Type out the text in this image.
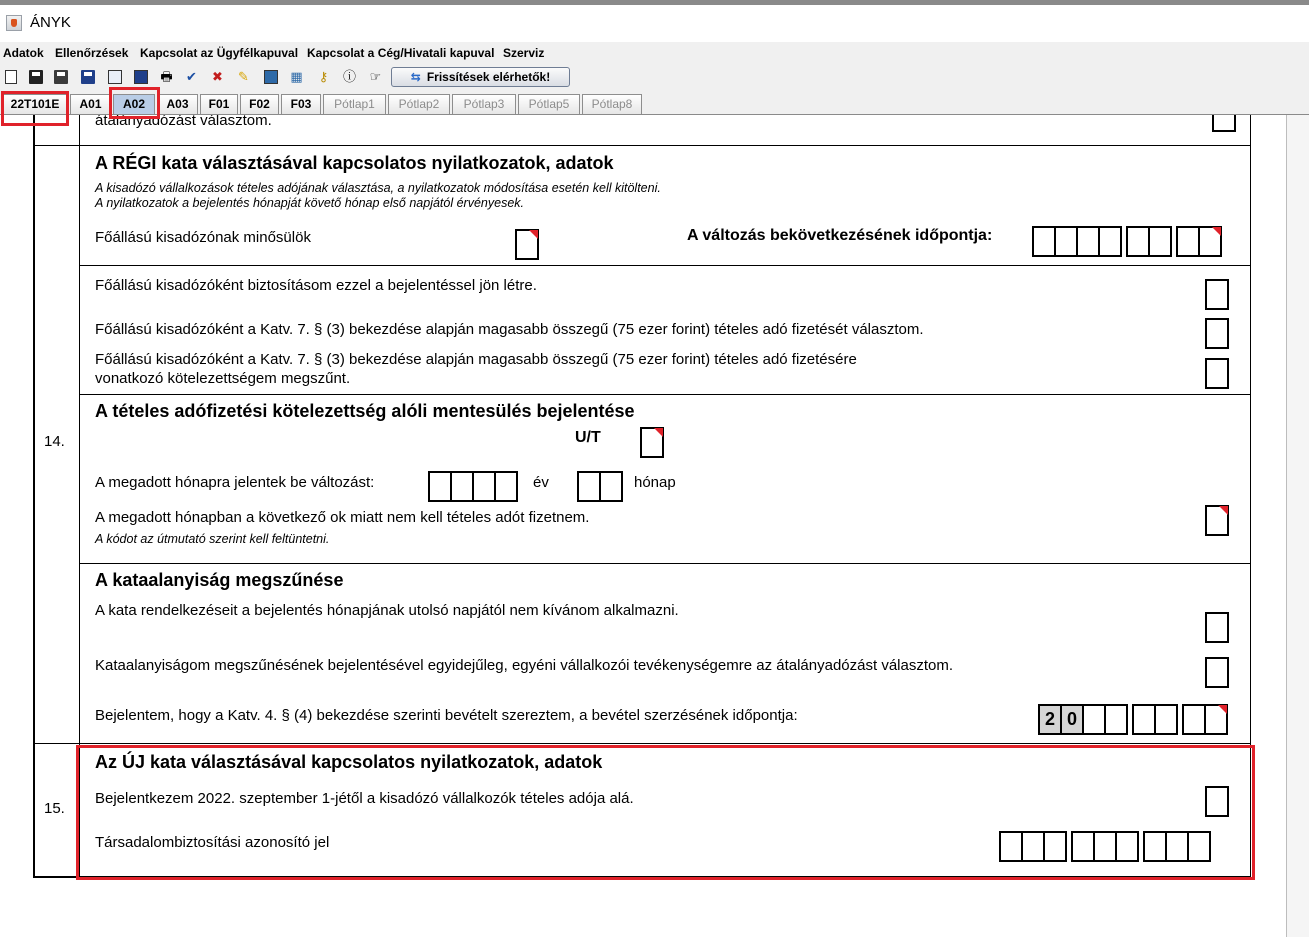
ÁNYK
Adatok Ellenőrzések Kapcsolat az Ügyfélkapuval Kapcsolat a Cég/Hivatali kapuval Szerviz
🖶 ✔ ✖ ✎	▦ ⚷ ⓘ ☞	⇆ Frissítések elérhetők!
22T101E	A01	A02	A03	F01	F02	F03	Pótlap1	Pótlap2	Pótlap3	Pótlap5	Pótlap8
átalányadózást választom.
14.
A RÉGI kata választásával kapcsolatos nyilatkozatok, adatok
A kisadózó vállalkozások tételes adójának választása, a nyilatkozatok módosítása esetén kell kitölteni.
A nyilatkozatok a bejelentés hónapját követő hónap első napjától érvényesek.
Főállású kisadózónak minősülök	A változás bekövetkezésének időpontja:
Főállású kisadózóként biztosításom ezzel a bejelentéssel jön létre.
Főállású kisadózóként a Katv. 7. § (3) bekezdése alapján magasabb összegű (75 ezer forint) tételes adó fizetését választom.
Főállású kisadózóként a Katv. 7. § (3) bekezdése alapján magasabb összegű (75 ezer forint) tételes adó fizetésére
vonatkozó kötelezettségem megszűnt.
A tételes adófizetési kötelezettség alóli mentesülés bejelentése
U/T
A megadott hónapra jelentek be változást:	év	hónap
A megadott hónapban a következő ok miatt nem kell tételes adót fizetnem.
A kódot az útmutató szerint kell feltüntetni.
A kataalanyiság megszűnése
A kata rendelkezéseit a bejelentés hónapjának utolsó napjától nem kívánom alkalmazni.
Kataalanyiságom megszűnésének bejelentésével egyidejűleg, egyéni vállalkozói tevékenységemre az átalányadózást választom.
Bejelentem, hogy a Katv. 4. § (4) bekezdése szerinti bevételt szereztem, a bevétel szerzésének időpontja:	2 0
15.
Az ÚJ kata választásával kapcsolatos nyilatkozatok, adatok
Bejelentkezem 2022. szeptember 1-jétől a kisadózó vállalkozók tételes adója alá.
Társadalombiztosítási azonosító jel
